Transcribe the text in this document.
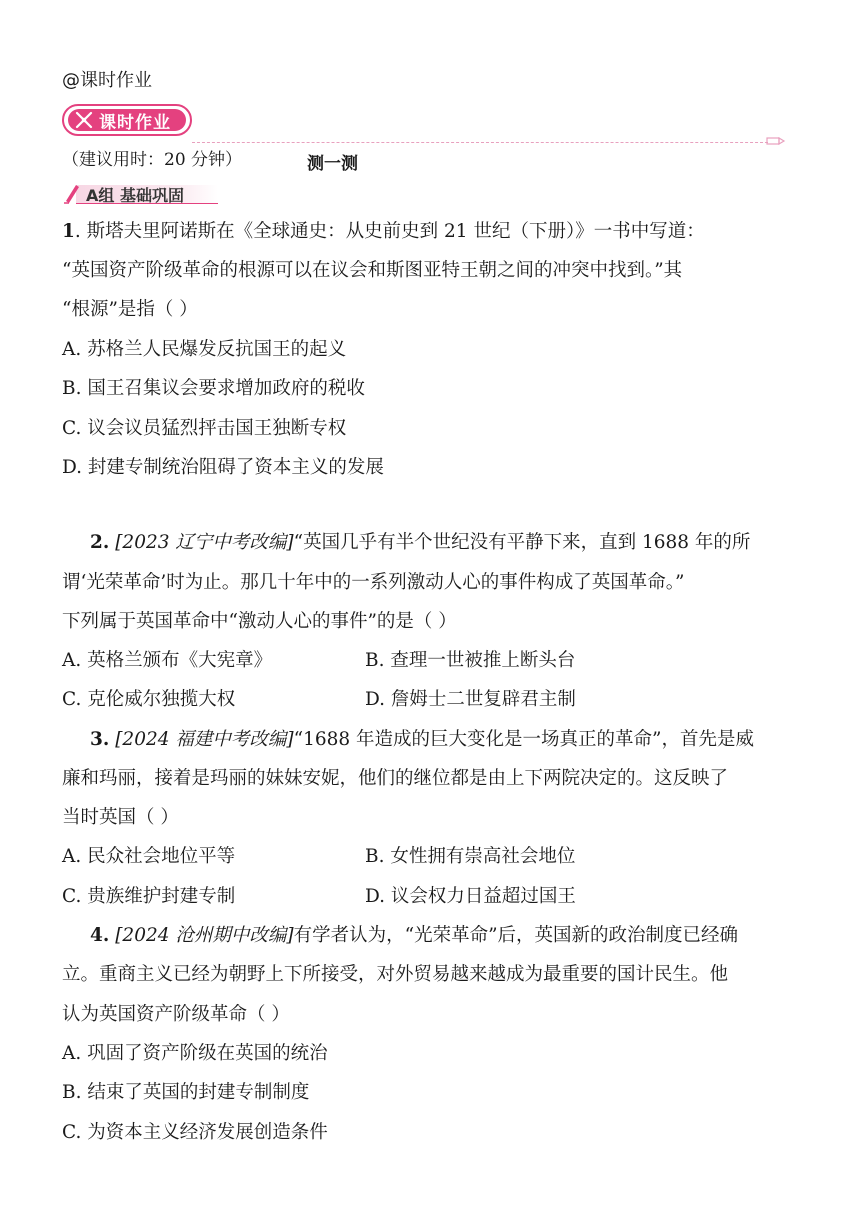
@课时作业
课时作业
（建议用时：20 分钟）	测一测
A组 基础巩固
1. 斯塔夫里阿诺斯在《全球通史：从史前史到 21 世纪（下册）》一书中写道：
“英国资产阶级革命的根源可以在议会和斯图亚特王朝之间的冲突中找到。”其
“根源”是指（ ）
A. 苏格兰人民爆发反抗国王的起义
B. 国王召集议会要求增加政府的税收
C. 议会议员猛烈抨击国王独断专权
D. 封建专制统治阻碍了资本主义的发展
2. [2023 辽宁中考改编]“英国几乎有半个世纪没有平静下来，直到 1688 年的所
谓‘光荣革命’时为止。那几十年中的一系列激动人心的事件构成了英国革命。”
下列属于英国革命中“激动人心的事件”的是（ ）
A. 英格兰颁布《大宪章》	B. 查理一世被推上断头台
C. 克伦威尔独揽大权	D. 詹姆士二世复辟君主制
3. [2024 福建中考改编]“1688 年造成的巨大变化是一场真正的革命”，首先是威
廉和玛丽，接着是玛丽的妹妹安妮，他们的继位都是由上下两院决定的。这反映了
当时英国（ ）
A. 民众社会地位平等	B. 女性拥有崇高社会地位
C. 贵族维护封建专制	D. 议会权力日益超过国王
4. [2024 沧州期中改编]有学者认为，“光荣革命”后，英国新的政治制度已经确
立。重商主义已经为朝野上下所接受，对外贸易越来越成为最重要的国计民生。他
认为英国资产阶级革命（ ）
A. 巩固了资产阶级在英国的统治
B. 结束了英国的封建专制制度
C. 为资本主义经济发展创造条件
